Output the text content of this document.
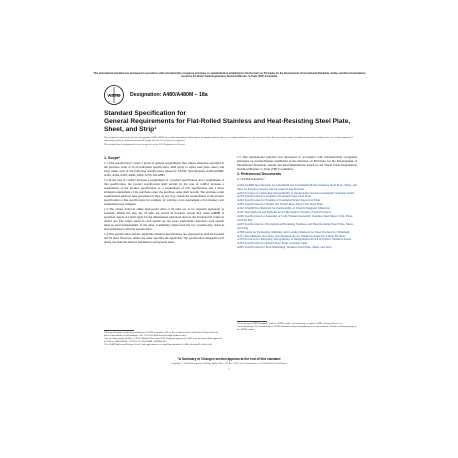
This international standard was developed in accordance with internationally recognized principles on standardization established in the Decision on Principles for the Development of International Standards, Guides and Recommendations issued by the World Trade Organization Technical Barriers to Trade (TBT) Committee.
ASTM Designation: A480/A480M – 18a
Standard Specification for
General Requirements for Flat-Rolled Stainless and Heat-Resisting Steel Plate, Sheet, and Strip¹

This standard is issued under the fixed designation A480/A480M; the number immediately following the designation indicates the year of original adoption or, in the case of revision, the year of last revision. A number in parentheses indicates the year of last reapproval. A superscript epsilon (ε) indicates an editorial change since the last revision or reapproval.

This standard has been approved for use by agencies of the U.S. Department of Defense.

1. Scope*

1.1 This specification² covers a group of general requirements that, unless otherwise specified in the purchase order or in an individual specification, shall apply to rolled steel plate, sheet, and strip, under each of the following specifications issued by ASTM: Specifications A240/A240M, A263, A264, A265, A666, A693, A793, and A895.

1.2 In the case of conflict between a requirement of a product specification and a requirement of this specification, the product specification shall prevail. In the case of conflict between a requirement of the product specification or a requirement of this specification and a more stringent requirement of the purchase order, the purchase order shall prevail. The purchase order requirements shall not take precedence if they, in any way, violate the requirements of the product specification or this specification; for example, by waiving a test requirement or by making a test requirement less stringent.

1.3 The values stated in either inch-pound units or SI units are to be regarded separately as standard. Within the text, the SI units are shown in brackets, except that when A480M is specified, Annex A3 shall apply for the dimensional tolerances and not the bracketed SI values in Annex A2. The values stated in each system are not exact equivalents; therefore, each system must be used independently of the other. Combining values from the two systems may result in nonconformance with the specification.

1.4 This specification and the applicable material specifications are expressed in both inch-pound and SI units. However, unless the order specifies the applicable "M" specification designation (SI units), the material shall be furnished to inch-pound units.

1.5 This international standard was developed in accordance with internationally recognized principles on standardization established in the Decision on Principles for the Development of International Standards, Guides and Recommendations issued by the World Trade Organization Technical Barriers to Trade (TBT) Committee.

2. Referenced Documents

2.1 ASTM Standards:³

A240/A240M Specification for Chromium and Chromium-Nickel Stainless Steel Plate, Sheet, and Strip for Pressure Vessels and for General Applications
A262 Practices for Detecting Susceptibility to Intergranular Attack in Austenitic Stainless Steels
A263 Specification for Stainless Chromium Steel-Clad Plate
A264 Specification for Stainless Chromium-Nickel Steel-Clad Plate
A265 Specification for Nickel and Nickel-Base Alloy-Clad Steel Plate
A342/A342M Test Methods for Permeability of Weakly Magnetic Materials
A370 Test Methods and Definitions for Mechanical Testing of Steel Products
A666 Specification for Annealed or Cold-Worked Austenitic Stainless Steel Sheet, Strip, Plate, and Flat Bar
A693 Specification for Precipitation-Hardening Stainless and Heat-Resisting Steel Plate, Sheet, and Strip
A700 Guide for Packaging, Marking, and Loading Methods for Steel Products for Shipment
A751 Test Methods, Practices, and Terminology for Chemical Analysis of Steel Products
A763 Practices for Detecting Susceptibility to Intergranular Attack in Ferritic Stainless Steels
A793 Specification for Rolled Floor Plate, Stainless Steel
A895 Specification for Free-Machining Stainless Steel Plate, Sheet, and Strip

¹ This specification is under the jurisdiction of ASTM Committee A01 on Steel, Stainless Steel and Related Alloys and is the direct responsibility of Subcommittee A01.17 on Flat-Rolled and Wrought Stainless Steel.

Current edition approved May 1, 2018. Published November 2018. Originally approved in 1962. Last previous edition approved in 2018 as A480/A480M – 18. DOI: 10.1520/A0480_A0480M-18A.

² For ASME Boiler and Pressure Vessel Code applications see related Specification SA-480 in Section II of that Code.

³ For referenced ASTM standards, visit the ASTM website, www.astm.org, or contact ASTM Customer Service at service@astm.org. For Annual Book of ASTM Standards volume information, refer to the standard's Document Summary page on the ASTM website.

*A Summary of Changes section appears at the end of this standard
Copyright © ASTM International, 100 Barr Harbor Drive, PO Box C700, West Conshohocken, PA 19428-2959. United States
1
